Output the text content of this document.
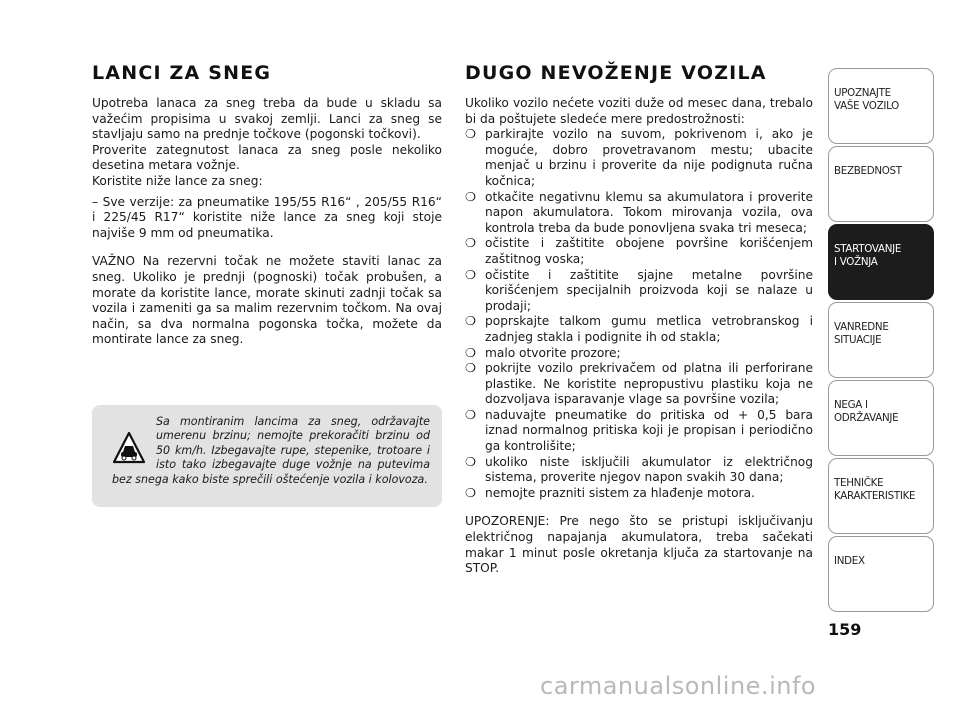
LANCI ZA SNEG

Upotreba lanaca za sneg treba da bude u skladu sa važećim propisima u svakoj zemlji. Lanci za sneg se stavljaju samo na prednje točkove (pogonski točkovi).

Proverite zategnutost lanaca za sneg posle nekoliko desetina metara vožnje.

Koristite niže lance za sneg:

– Sve verzije: za pneumatike 195/55 R16“ , 205/55 R16“ i 225/45 R17“ koristite niže lance za sneg koji stoje najviše 9 mm od pneumatika.

VAŽNO Na rezervni točak ne možete staviti lanac za sneg. Ukoliko je prednji (pognoski) točak probušen, a morate da koristite lance, morate skinuti zadnji točak sa vozila i zameniti ga sa malim rezervnim točkom. Na ovaj način, sa dva normalna pogonska točka, možete da montirate lance za sneg.

Sa montiranim lancima za sneg, održavajte umerenu brzinu; nemojte prekoračiti brzinu od 50 km/h. Izbegavajte rupe, stepenike, trotoare i isto tako izbegavajte duge vožnje na putevima bez snega kako biste sprečili oštećenje vozila i kolovoza.

DUGO NEVOŽENJE VOZILA

Ukoliko vozilo nećete voziti duže od mesec dana, trebalo bi da poštujete sledeće mere predostrožnosti:

❍ parkirajte vozilo na suvom, pokrivenom i, ako je moguće, dobro provetravanom mestu; ubacite menjač u brzinu i proverite da nije podignuta ručna kočnica;
❍ otkačite negativnu klemu sa akumulatora i proverite napon akumulatora. Tokom mirovanja vozila, ova kontrola treba da bude ponovljena svaka tri meseca;
❍ očistite i zaštitite obojene površine korišćenjem zaštitnog voska;
❍ očistite i zaštitite sjajne metalne površine korišćenjem specijalnih proizvoda koji se nalaze u prodaji;
❍ poprskajte talkom gumu metlica vetrobranskog i zadnjeg stakla i podignite ih od stakla;
❍ malo otvorite prozore;
❍ pokrijte vozilo prekrivačem od platna ili perforirane plastike. Ne koristite nepropustivu plastiku koja ne dozvoljava isparavanje vlage sa površine vozila;
❍ naduvajte pneumatike do pritiska od + 0,5 bara iznad normalnog pritiska koji je propisan i periodično ga kontrolišite;
❍ ukoliko niste isključili akumulator iz električnog sistema, proverite njegov napon svakih 30 dana;
❍ nemojte prazniti sistem za hlađenje motora.

UPOZORENJE: Pre nego što se pristupi isključivanju električnog napajanja akumulatora, treba sačekati makar 1 minut posle okretanja ključa za startovanje na STOP.

UPOZNAJTE
VAŠE VOZILO
BEZBEDNOST
STARTOVANJE
I VOŽNJA
VANREDNE
SITUACIJE
NEGA I
ODRŽAVANJE
TEHNIČKE
KARAKTERISTIKE
INDEX
159
carmanualsonline.info
